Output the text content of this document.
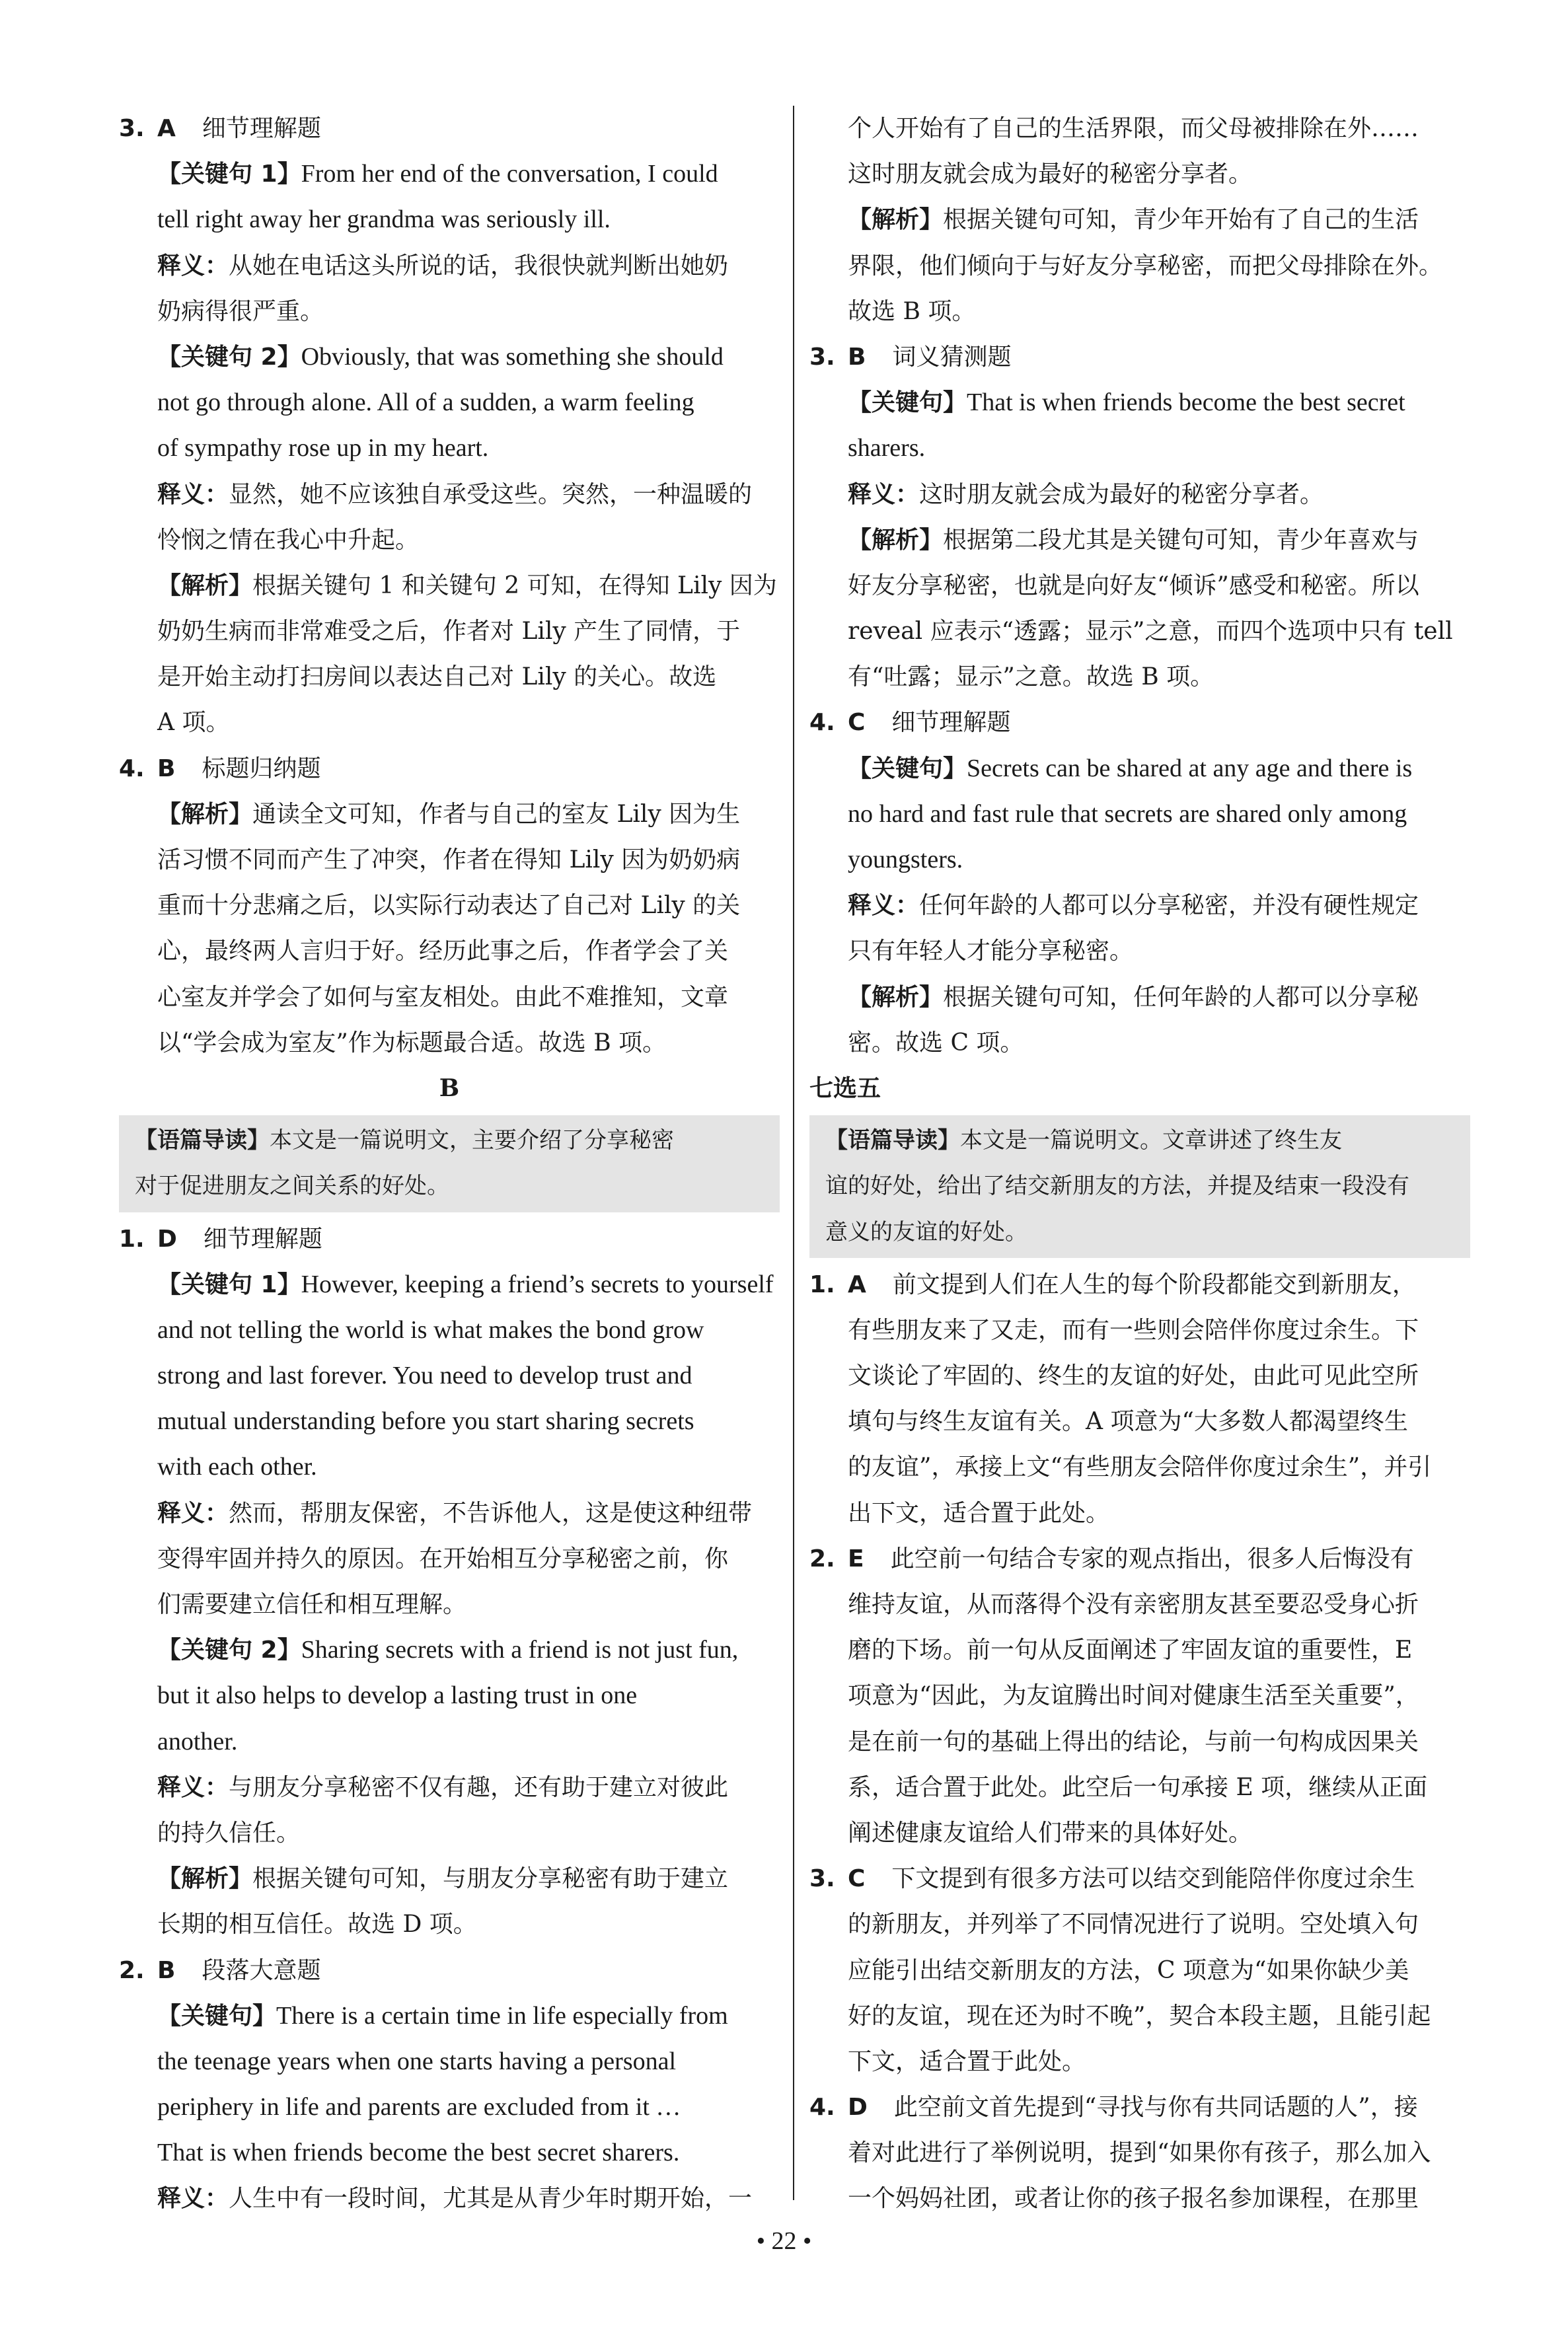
3. A 细节理解题
【关键句 1】From her end of the conversation, I could
tell right away her grandma was seriously ill.
释义：从她在电话这头所说的话，我很快就判断出她奶
奶病得很严重。
【关键句 2】Obviously, that was something she should
not go through alone. All of a sudden, a warm feeling
of sympathy rose up in my heart.
释义：显然，她不应该独自承受这些。突然，一种温暖的
怜悯之情在我心中升起。
【解析】根据关键句 1 和关键句 2 可知，在得知 Lily 因为
奶奶生病而非常难受之后，作者对 Lily 产生了同情，于
是开始主动打扫房间以表达自己对 Lily 的关心。故选
A 项。
4. B 标题归纳题
【解析】通读全文可知，作者与自己的室友 Lily 因为生
活习惯不同而产生了冲突，作者在得知 Lily 因为奶奶病
重而十分悲痛之后，以实际行动表达了自己对 Lily 的关
心，最终两人言归于好。经历此事之后，作者学会了关
心室友并学会了如何与室友相处。由此不难推知，文章
以“学会成为室友”作为标题最合适。故选 B 项。
B
【语篇导读】本文是一篇说明文，主要介绍了分享秘密
对于促进朋友之间关系的好处。
1. D 细节理解题
【关键句 1】However, keeping a friend’s secrets to yourself
and not telling the world is what makes the bond grow
strong and last forever. You need to develop trust and
mutual understanding before you start sharing secrets
with each other.
释义：然而，帮朋友保密，不告诉他人，这是使这种纽带
变得牢固并持久的原因。在开始相互分享秘密之前，你
们需要建立信任和相互理解。
【关键句 2】Sharing secrets with a friend is not just fun,
but it also helps to develop a lasting trust in one
another.
释义：与朋友分享秘密不仅有趣，还有助于建立对彼此
的持久信任。
【解析】根据关键句可知，与朋友分享秘密有助于建立
长期的相互信任。故选 D 项。
2. B 段落大意题
【关键句】There is a certain time in life especially from
the teenage years when one starts having a personal
periphery in life and parents are excluded from it …
That is when friends become the best secret sharers.
释义：人生中有一段时间，尤其是从青少年时期开始，一
个人开始有了自己的生活界限，而父母被排除在外……
这时朋友就会成为最好的秘密分享者。
【解析】根据关键句可知，青少年开始有了自己的生活
界限，他们倾向于与好友分享秘密，而把父母排除在外。
故选 B 项。
3. B 词义猜测题
【关键句】That is when friends become the best secret
sharers.
释义：这时朋友就会成为最好的秘密分享者。
【解析】根据第二段尤其是关键句可知，青少年喜欢与
好友分享秘密，也就是向好友“倾诉”感受和秘密。所以
reveal 应表示“透露；显示”之意，而四个选项中只有 tell
有“吐露；显示”之意。故选 B 项。
4. C 细节理解题
【关键句】Secrets can be shared at any age and there is
no hard and fast rule that secrets are shared only among
youngsters.
释义：任何年龄的人都可以分享秘密，并没有硬性规定
只有年轻人才能分享秘密。
【解析】根据关键句可知，任何年龄的人都可以分享秘
密。故选 C 项。
七选五
【语篇导读】本文是一篇说明文。文章讲述了终生友
谊的好处，给出了结交新朋友的方法，并提及结束一段没有
意义的友谊的好处。
1. A 前文提到人们在人生的每个阶段都能交到新朋友，
有些朋友来了又走，而有一些则会陪伴你度过余生。下
文谈论了牢固的、终生的友谊的好处，由此可见此空所
填句与终生友谊有关。A 项意为“大多数人都渴望终生
的友谊”，承接上文“有些朋友会陪伴你度过余生”，并引
出下文，适合置于此处。
2. E 此空前一句结合专家的观点指出，很多人后悔没有
维持友谊，从而落得个没有亲密朋友甚至要忍受身心折
磨的下场。前一句从反面阐述了牢固友谊的重要性，E
项意为“因此，为友谊腾出时间对健康生活至关重要”，
是在前一句的基础上得出的结论，与前一句构成因果关
系，适合置于此处。此空后一句承接 E 项，继续从正面
阐述健康友谊给人们带来的具体好处。
3. C 下文提到有很多方法可以结交到能陪伴你度过余生
的新朋友，并列举了不同情况进行了说明。空处填入句
应能引出结交新朋友的方法，C 项意为“如果你缺少美
好的友谊，现在还为时不晚”，契合本段主题，且能引起
下文，适合置于此处。
4. D 此空前文首先提到“寻找与你有共同话题的人”，接
着对此进行了举例说明，提到“如果你有孩子，那么加入
一个妈妈社团，或者让你的孩子报名参加课程，在那里
• 22 •
